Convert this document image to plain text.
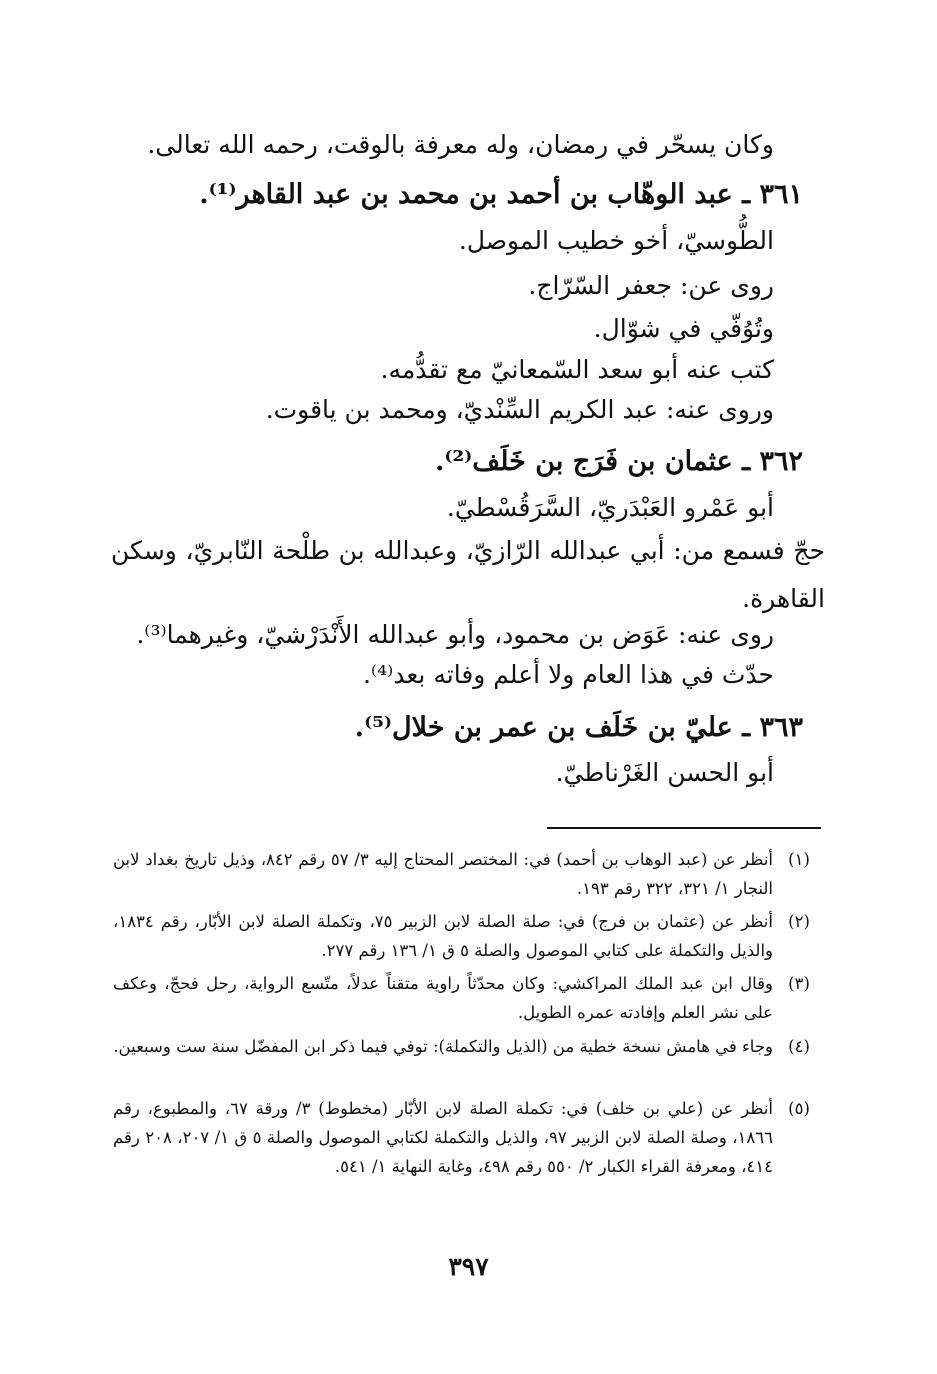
وكان يسحّر في رمضان، وله معرفة بالوقت، رحمه الله تعالى.
٣٦١ ـ عبد الوهّاب بن أحمد بن محمد بن عبد القاهر⁽¹⁾.
الطُّوسيّ، أخو خطيب الموصل.
روى عن: جعفر السّرّاج.
وتُوُفّي في شوّال.
كتب عنه أبو سعد السّمعانيّ مع تقدُّمه.
وروى عنه: عبد الكريم السِّنْديّ، ومحمد بن ياقوت.
٣٦٢ ـ عثمان بن فَرَج بن خَلَف⁽²⁾.
أبو عَمْرو العَبْدَريّ، السَّرَقُسْطيّ.
حجّ فسمع من: أبي عبدالله الرّازيّ، وعبدالله بن طلْحة النّابريّ، وسكن القاهرة.
روى عنه: عَوَض بن محمود، وأبو عبدالله الأَنْدَرْشيّ، وغيرهما⁽³⁾.
حدّث في هذا العام ولا أعلم وفاته بعد⁽⁴⁾.
٣٦٣ ـ عليّ بن خَلَف بن عمر بن خلال⁽⁵⁾.
أبو الحسن الغَرْناطيّ.
(١)
أنظر عن (عبد الوهاب بن أحمد) في: المختصر المحتاج إليه ٣/ ٥٧ رقم ٨٤٢، وذيل تاريخ بغداد لابن النجار ١/ ٣٢١، ٣٢٢ رقم ١٩٣.
(٢)
أنظر عن (عثمان بن فرج) في: صلة الصلة لابن الزبير ٧٥، وتكملة الصلة لابن الأبّار، رقم ١٨٣٤، والذيل والتكملة على كتابي الموصول والصلة ٥ ق ١/ ١٣٦ رقم ٢٧٧.
(٣)
وقال ابن عبد الملك المراكشي: وكان محدّثاً راوية متقناً عدلاً، متّسع الرواية، رحل فحجّ، وعكف على نشر العلم وإفادته عمره الطويل.
(٤)
وجاء في هامش نسخة خطية من (الذيل والتكملة): توفي فيما ذكر ابن المفضّل سنة ست وسبعين.
(٥)
أنظر عن (علي بن خلف) في: تكملة الصلة لابن الأبّار (مخطوط) ٣/ ورقة ٦٧، والمطبوع، رقم ١٨٦٦، وصلة الصلة لابن الزبير ٩٧، والذيل والتكملة لكتابي الموصول والصلة ٥ ق ١/ ٢٠٧، ٢٠٨ رقم ٤١٤، ومعرفة القراء الكبار ٢/ ٥٥٠ رقم ٤٩٨، وغاية النهاية ١/ ٥٤١.
٣٩٧
